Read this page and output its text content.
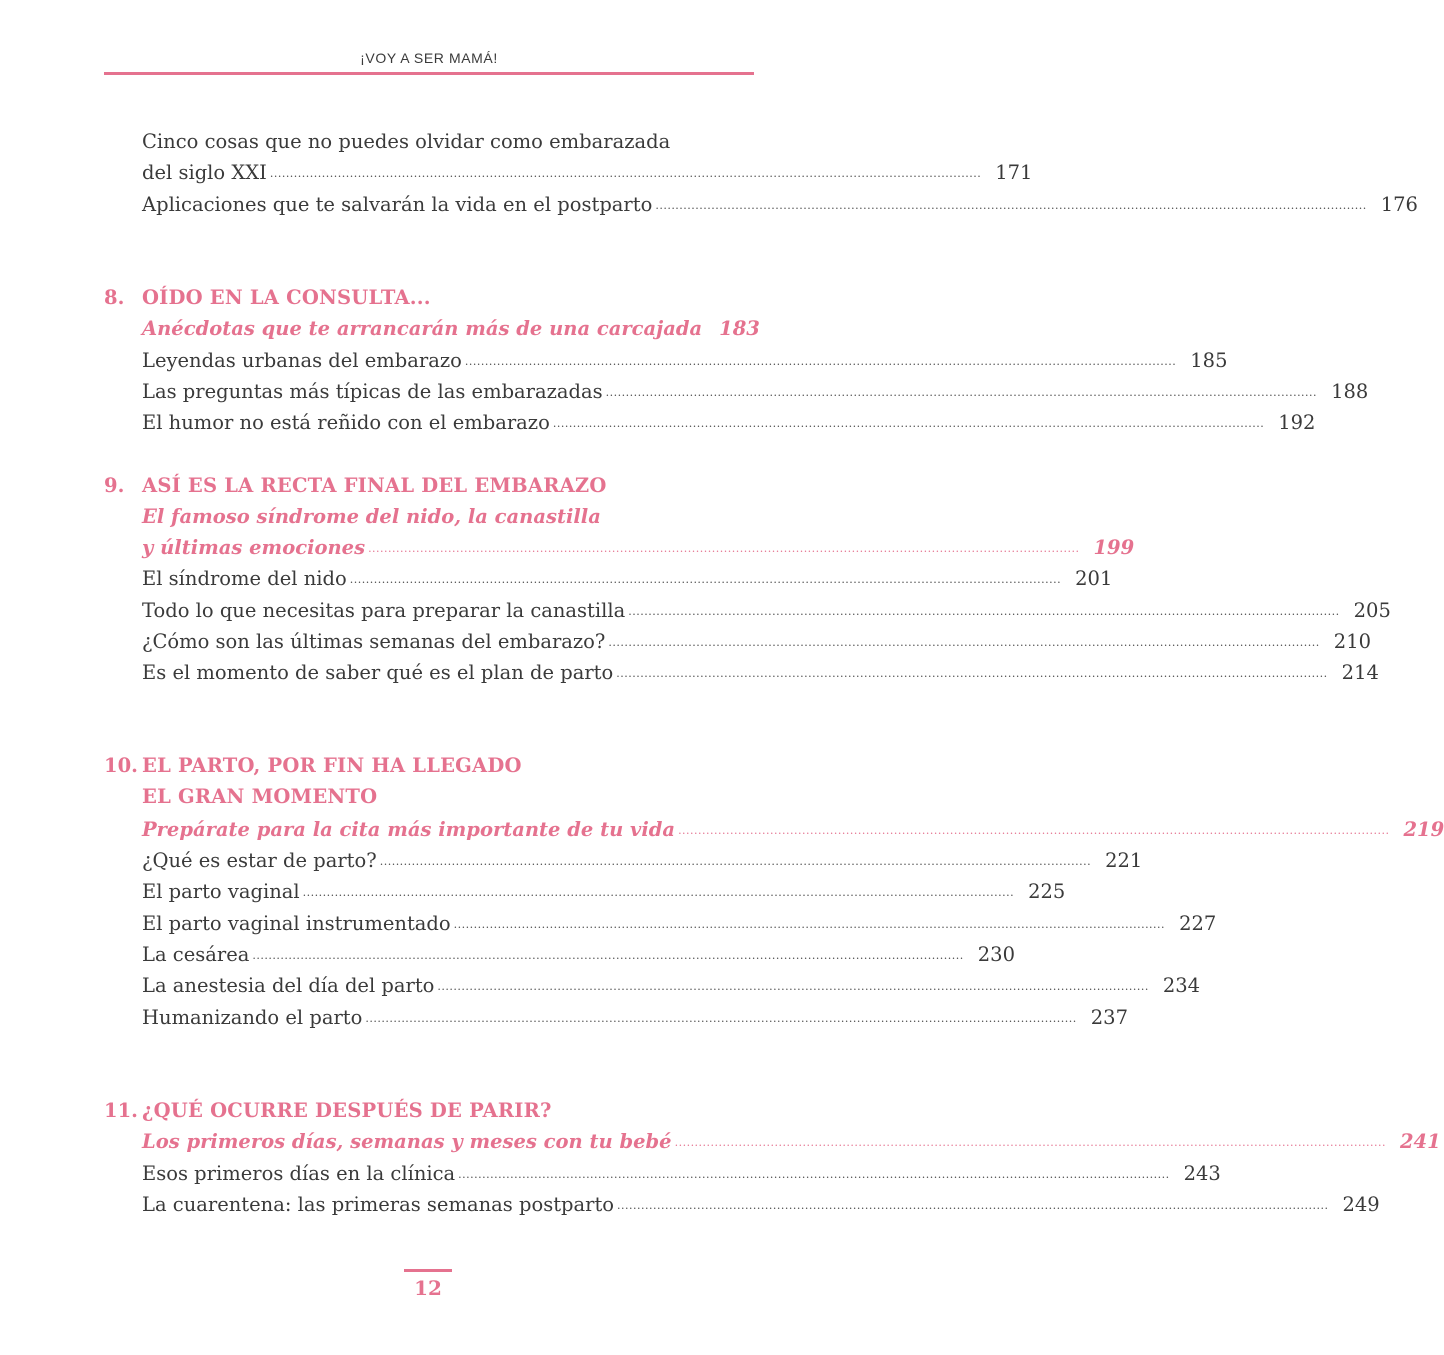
¡VOY A SER MAMÁ!
Cinco cosas que no puedes olvidar como embarazada
del siglo XXI .................................................................................................................................................................................. 171
Aplicaciones que te salvarán la vida en el postparto .................................................................................................................................................................................. 176
8. OÍDO EN LA CONSULTA...
Anécdotas que te arrancarán más de una carcajada 183
Leyendas urbanas del embarazo .................................................................................................................................................................................. 185
Las preguntas más típicas de las embarazadas .................................................................................................................................................................................. 188
El humor no está reñido con el embarazo .................................................................................................................................................................................. 192
9. ASÍ ES LA RECTA FINAL DEL EMBARAZO
El famoso síndrome del nido, la canastilla
y últimas emociones .................................................................................................................................................................................. 199
El síndrome del nido .................................................................................................................................................................................. 201
Todo lo que necesitas para preparar la canastilla .................................................................................................................................................................................. 205
¿Cómo son las últimas semanas del embarazo? .................................................................................................................................................................................. 210
Es el momento de saber qué es el plan de parto .................................................................................................................................................................................. 214
10. EL PARTO, POR FIN HA LLEGADO
EL GRAN MOMENTO
Prepárate para la cita más importante de tu vida .................................................................................................................................................................................. 219
¿Qué es estar de parto? .................................................................................................................................................................................. 221
El parto vaginal .................................................................................................................................................................................. 225
El parto vaginal instrumentado .................................................................................................................................................................................. 227
La cesárea .................................................................................................................................................................................. 230
La anestesia del día del parto .................................................................................................................................................................................. 234
Humanizando el parto .................................................................................................................................................................................. 237
11. ¿QUÉ OCURRE DESPUÉS DE PARIR?
Los primeros días, semanas y meses con tu bebé .................................................................................................................................................................................. 241
Esos primeros días en la clínica .................................................................................................................................................................................. 243
La cuarentena: las primeras semanas postparto .................................................................................................................................................................................. 249
12
